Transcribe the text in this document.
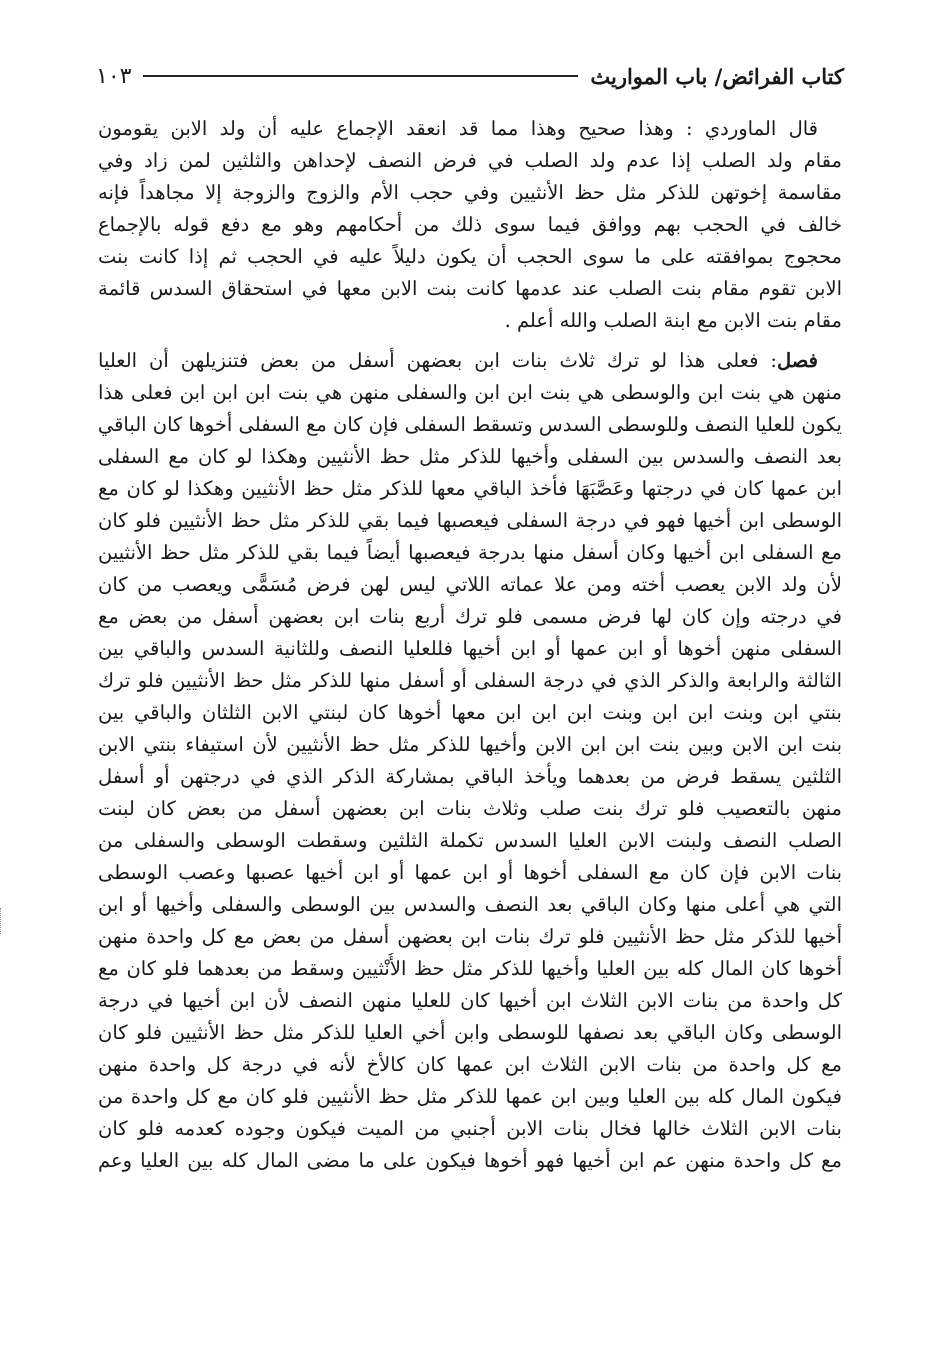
كتاب الفرائض/ باب المواريث
١٠٣

قال الماوردي : وهذا صحيح وهذا مما قد انعقد الإجماع عليه أن ولد الابن يقومون
مقام ولد الصلب إذا عدم ولد الصلب في فرض النصف لإحداهن والثلثين لمن زاد وفي
مقاسمة إخوتهن للذكر مثل حظ الأنثيين وفي حجب الأم والزوج والزوجة إلا مجاهداً فإنه
خالف في الحجب بهم ووافق فيما سوى ذلك من أحكامهم وهو مع دفع قوله بالإجماع
محجوج بموافقته على ما سوى الحجب أن يكون دليلاً عليه في الحجب ثم إذا كانت بنت
الابن تقوم مقام بنت الصلب عند عدمها كانت بنت الابن معها في استحقاق السدس قائمة
مقام بنت الابن مع ابنة الصلب والله أعلم .

فصل: فعلى هذا لو ترك ثلاث بنات ابن بعضهن أسفل من بعض فتنزيلهن أن العليا
منهن هي بنت ابن والوسطى هي بنت ابن ابن والسفلى منهن هي بنت ابن ابن ابن فعلى هذا
يكون للعليا النصف وللوسطى السدس وتسقط السفلى فإن كان مع السفلى أخوها كان الباقي
بعد النصف والسدس بين السفلى وأخيها للذكر مثل حظ الأنثيين وهكذا لو كان مع السفلى
ابن عمها كان في درجتها وعَصَّبَهَا فأخذ الباقي معها للذكر مثل حظ الأنثيين وهكذا لو كان مع
الوسطى ابن أخيها فهو في درجة السفلى فيعصبها فيما بقي للذكر مثل حظ الأنثيين فلو كان
مع السفلى ابن أخيها وكان أسفل منها بدرجة فيعصبها أيضاً فيما بقي للذكر مثل حظ الأنثيين
لأن ولد الابن يعصب أخته ومن علا عماته اللاتي ليس لهن فرض مُسَمًّى ويعصب من كان
في درجته وإن كان لها فرض مسمى فلو ترك أربع بنات ابن بعضهن أسفل من بعض مع
السفلى منهن أخوها أو ابن عمها أو ابن أخيها فللعليا النصف وللثانية السدس والباقي بين
الثالثة والرابعة والذكر الذي في درجة السفلى أو أسفل منها للذكر مثل حظ الأنثيين فلو ترك
بنتي ابن وبنت ابن ابن وبنت ابن ابن ابن معها أخوها كان لبنتي الابن الثلثان والباقي بين
بنت ابن الابن وبين بنت ابن ابن الابن وأخيها للذكر مثل حظ الأنثيين لأن استيفاء بنتي الابن
الثلثين يسقط فرض من بعدهما ويأخذ الباقي بمشاركة الذكر الذي في درجتهن أو أسفل
منهن بالتعصيب فلو ترك بنت صلب وثلاث بنات ابن بعضهن أسفل من بعض كان لبنت
الصلب النصف ولبنت الابن العليا السدس تكملة الثلثين وسقطت الوسطى والسفلى من
بنات الابن فإن كان مع السفلى أخوها أو ابن عمها أو ابن أخيها عصبها وعصب الوسطى
التي هي أعلى منها وكان الباقي بعد النصف والسدس بين الوسطى والسفلى وأخيها أو ابن
أخيها للذكر مثل حظ الأنثيين فلو ترك بنات ابن بعضهن أسفل من بعض مع كل واحدة منهن
أخوها كان المال كله بين العليا وأخيها للذكر مثل حظ الأُنْثيين وسقط من بعدهما فلو كان مع
كل واحدة من بنات الابن الثلاث ابن أخيها كان للعليا منهن النصف لأن ابن أخيها في درجة
الوسطى وكان الباقي بعد نصفها للوسطى وابن أخي العليا للذكر مثل حظ الأنثيين فلو كان
مع كل واحدة من بنات الابن الثلاث ابن عمها كان كالأخ لأنه في درجة كل واحدة منهن
فيكون المال كله بين العليا وبين ابن عمها للذكر مثل حظ الأنثيين فلو كان مع كل واحدة من
بنات الابن الثلاث خالها فخال بنات الابن أجنبي من الميت فيكون وجوده كعدمه فلو كان
مع كل واحدة منهن عم ابن أخيها فهو أخوها فيكون على ما مضى المال كله بين العليا وعم
